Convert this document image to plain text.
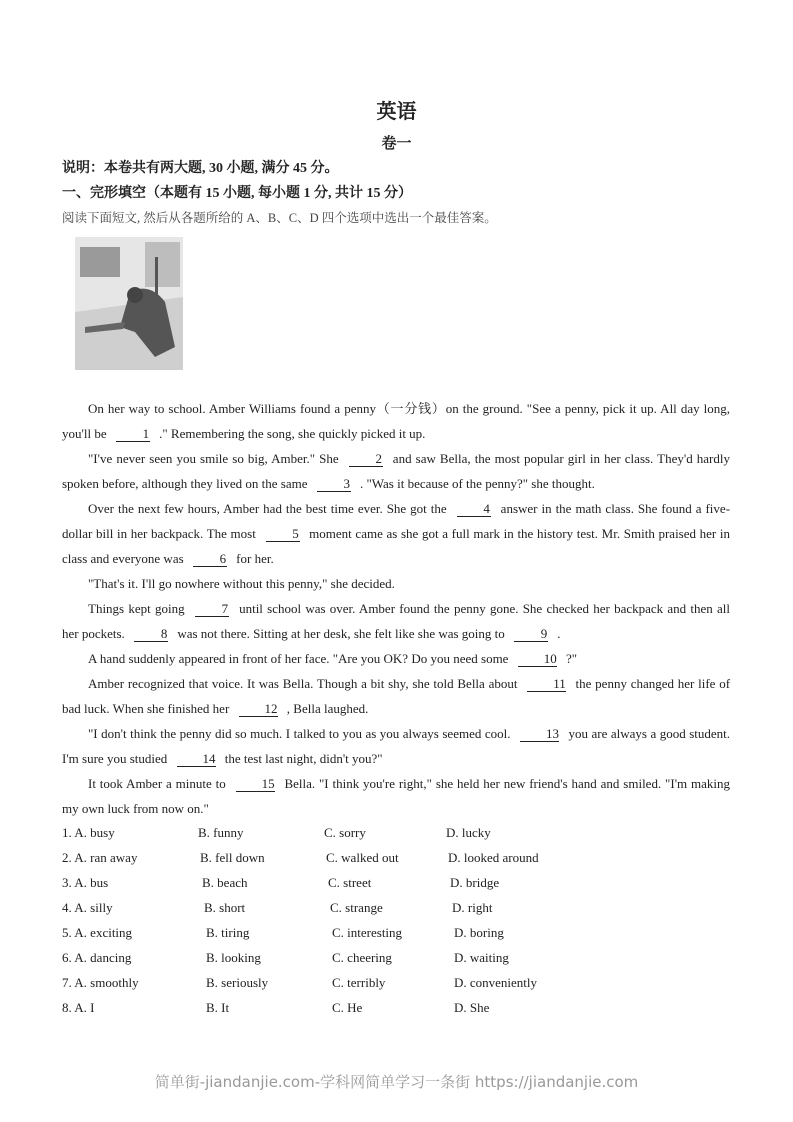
英语
卷一
说明：本卷共有两大题, 30 小题, 满分 45 分。
一、完形填空（本题有 15 小题, 每小题 1 分, 共计 15 分）
阅读下面短文, 然后从各题所给的 A、B、C、D 四个选项中选出一个最佳答案。

On her way to school. Amber Williams found a penny（一分钱）on the ground. "See a penny, pick it up. All day long, you'll be	1 ." Remembering the song, she quickly picked it up.

"I've never seen you smile so big, Amber." She	2 and saw Bella, the most popular girl in her class. They'd hardly spoken before, although they lived on the same	3 . "Was it because of the penny?" she thought.

Over the next few hours, Amber had the best time ever. She got the	4 answer in the math class. She found a five-dollar bill in her backpack. The most	5 moment came as she got a full mark in the history test. Mr. Smith praised her in class and everyone was	6 for her.

"That's it. I'll go nowhere without this penny," she decided.

Things kept going	7 until school was over. Amber found the penny gone. She checked her backpack and then all her pockets.	8 was not there. Sitting at her desk, she felt like she was going to	9 .

A hand suddenly appeared in front of her face. "Are you OK? Do you need some	10 ?"

Amber recognized that voice. It was Bella. Though a bit shy, she told Bella about	11 the penny changed her life of bad luck. When she finished her	12 , Bella laughed.

"I don't think the penny did so much. I talked to you as you always seemed cool.	13 you are always a good student. I'm sure you studied	14 the test last night, didn't you?"

It took Amber a minute to	15 Bella. "I think you're right," she held her new friend's hand and smiled. "I'm making my own luck from now on."

1. A. busy	B. funny	C. sorry	D. lucky
2. A. ran away	B. fell down	C. walked out	D. looked around
3. A. bus	B. beach	C. street	D. bridge
4. A. silly	B. short	C. strange	D. right
5. A. exciting	B. tiring	C. interesting	D. boring
6. A. dancing	B. looking	C. cheering	D. waiting
7. A. smoothly	B. seriously	C. terribly	D. conveniently
8. A. I	B. It	C. He	D. She
简单街-jiandanjie.com-学科网简单学习一条街 https://jiandanjie.com
